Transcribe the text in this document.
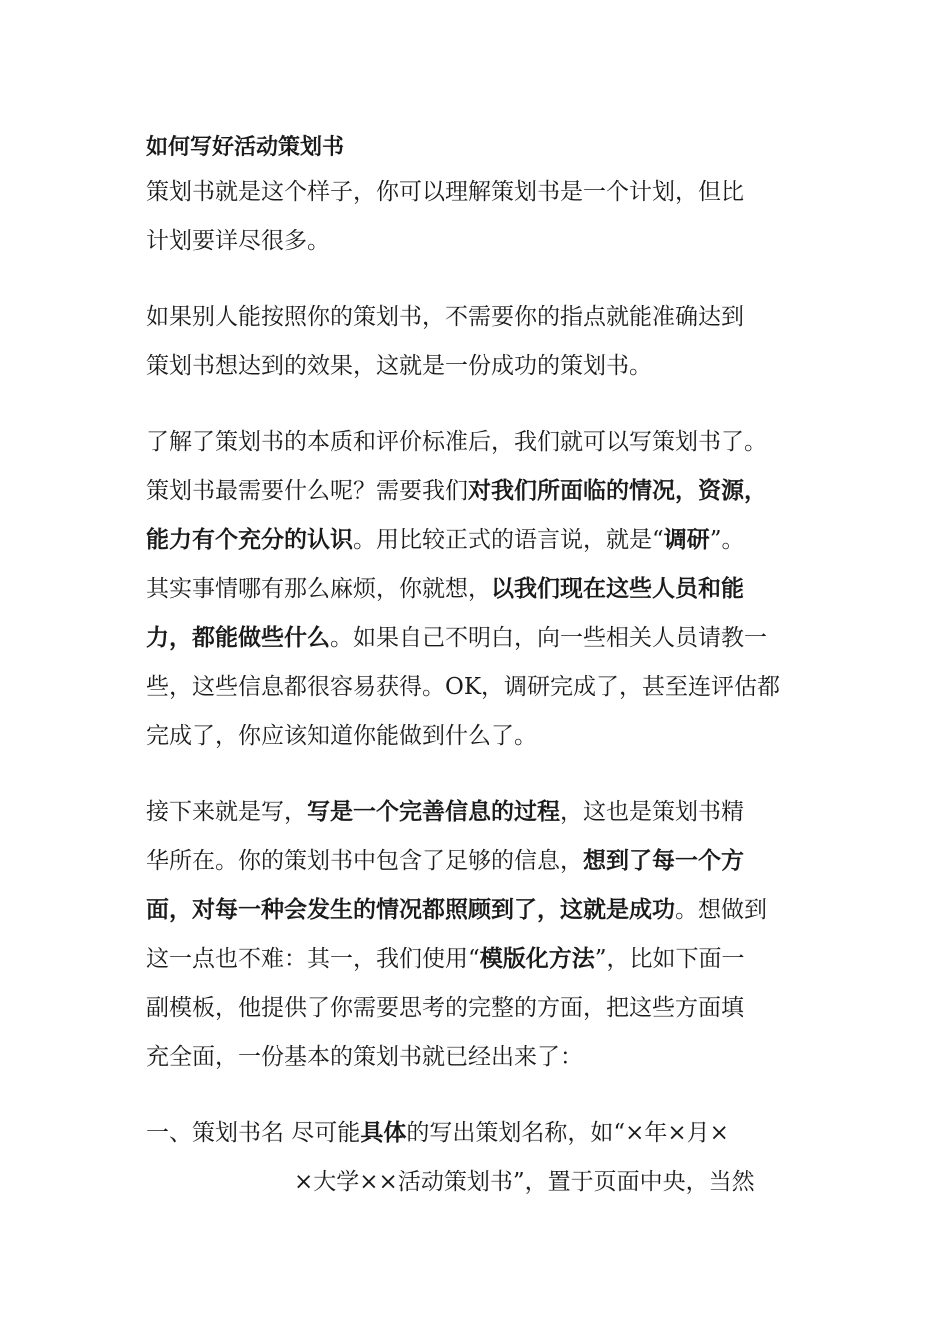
如何写好活动策划书
策划书就是这个样子，你可以理解策划书是一个计划，但比
计划要详尽很多。
如果别人能按照你的策划书，不需要你的指点就能准确达到
策划书想达到的效果，这就是一份成功的策划书。
了解了策划书的本质和评价标准后，我们就可以写策划书了。
策划书最需要什么呢？需要我们对我们所面临的情况，资源，
能力有个充分的认识。用比较正式的语言说，就是“调研”。
其实事情哪有那么麻烦，你就想，以我们现在这些人员和能
力，都能做些什么。如果自己不明白，向一些相关人员请教一
些，这些信息都很容易获得。OK，调研完成了，甚至连评估都
完成了，你应该知道你能做到什么了。
接下来就是写，写是一个完善信息的过程，这也是策划书精
华所在。你的策划书中包含了足够的信息，想到了每一个方
面，对每一种会发生的情况都照顾到了，这就是成功。想做到
这一点也不难：其一，我们使用“模版化方法”，比如下面一
副模板，他提供了你需要思考的完整的方面，把这些方面填
充全面，一份基本的策划书就已经出来了：
一、策划书名 尽可能具体的写出策划名称，如“×年×月×
×大学××活动策划书”，置于页面中央，当然
